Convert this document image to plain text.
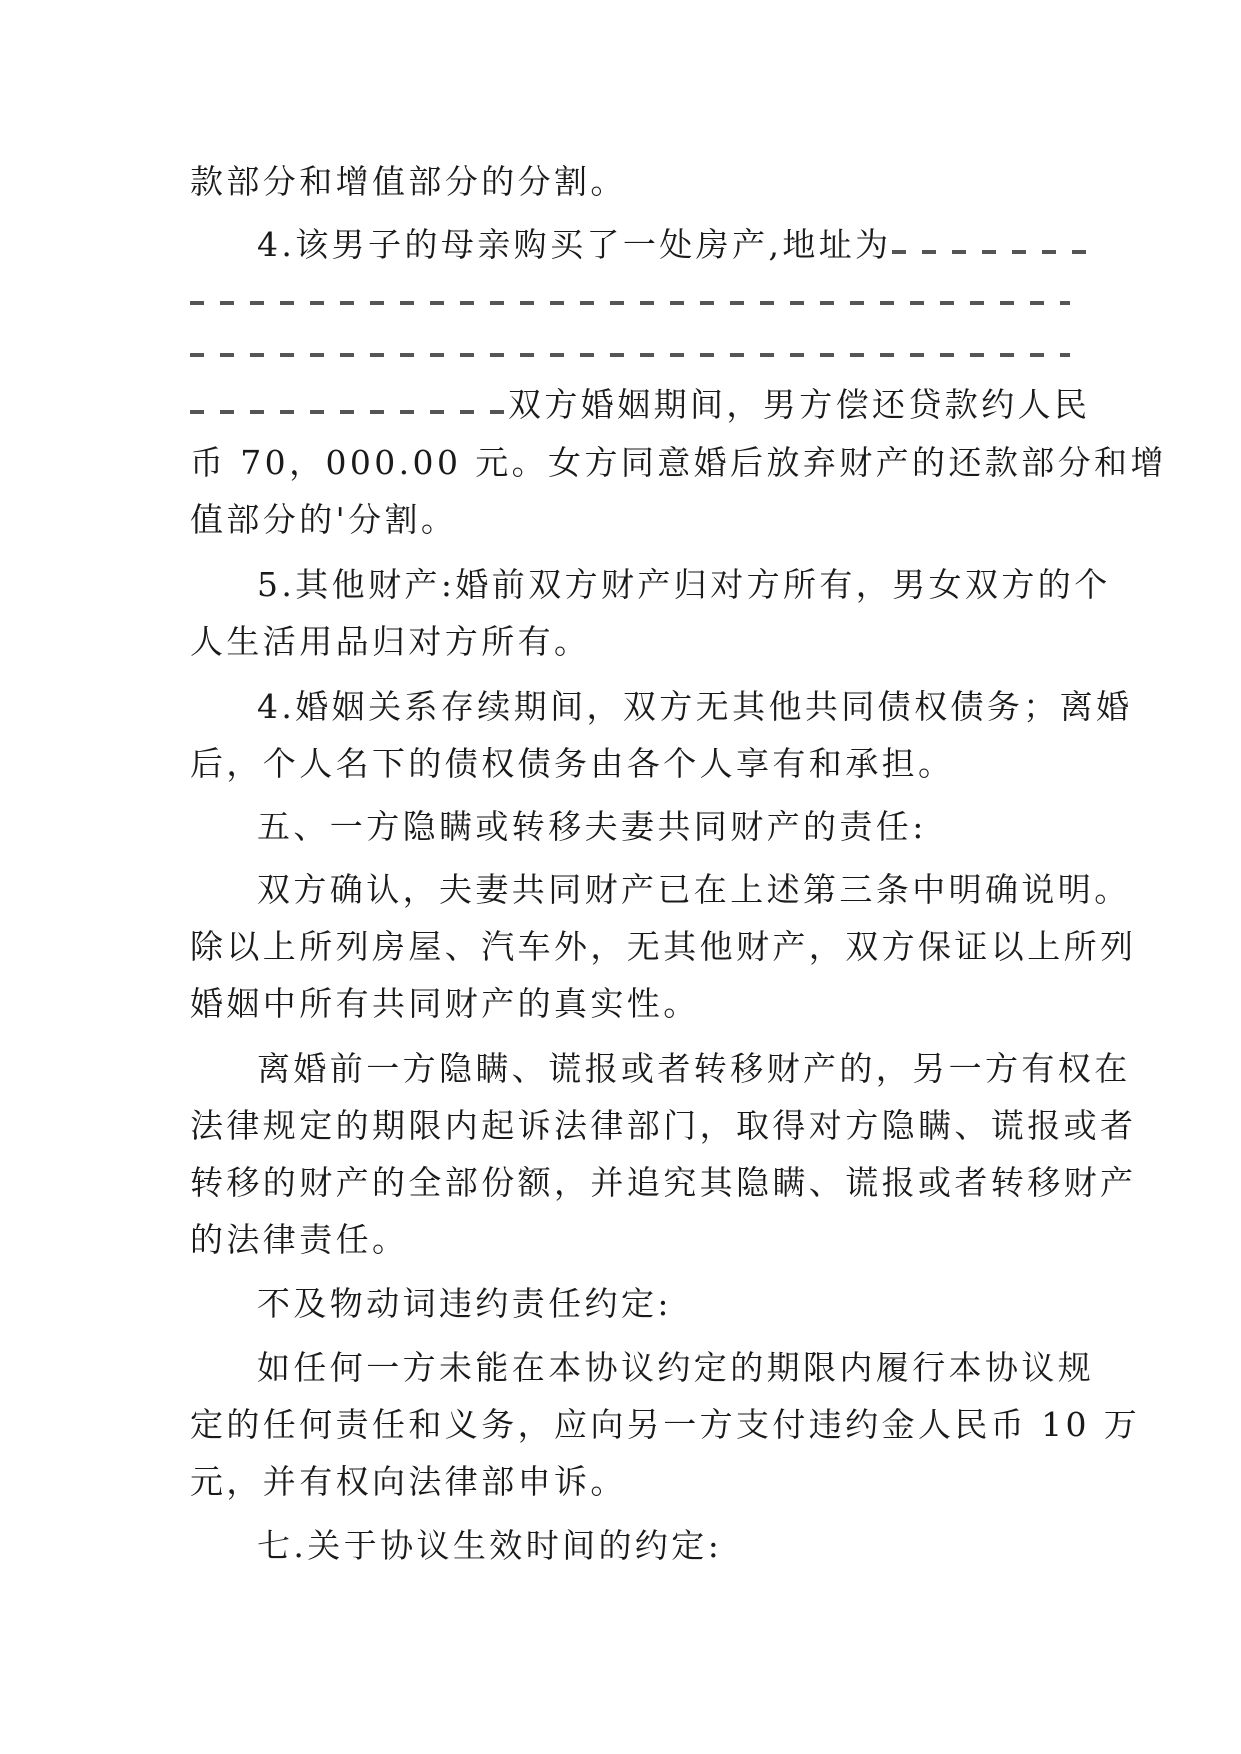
款部分和增值部分的分割。
4.该男子的母亲购买了一处房产,地址为
双方婚姻期间，男方偿还贷款约人民
币 70，000.00 元。女方同意婚后放弃财产的还款部分和增
值部分的'分割。
5.其他财产:婚前双方财产归对方所有，男女双方的个
人生活用品归对方所有。
4.婚姻关系存续期间，双方无其他共同债权债务；离婚
后，个人名下的债权债务由各个人享有和承担。
五、一方隐瞒或转移夫妻共同财产的责任:
双方确认，夫妻共同财产已在上述第三条中明确说明。
除以上所列房屋、汽车外，无其他财产，双方保证以上所列
婚姻中所有共同财产的真实性。
离婚前一方隐瞒、谎报或者转移财产的，另一方有权在
法律规定的期限内起诉法律部门，取得对方隐瞒、谎报或者
转移的财产的全部份额，并追究其隐瞒、谎报或者转移财产
的法律责任。
不及物动词违约责任约定:
如任何一方未能在本协议约定的期限内履行本协议规
定的任何责任和义务，应向另一方支付违约金人民币 10 万
元，并有权向法律部申诉。
七.关于协议生效时间的约定:
